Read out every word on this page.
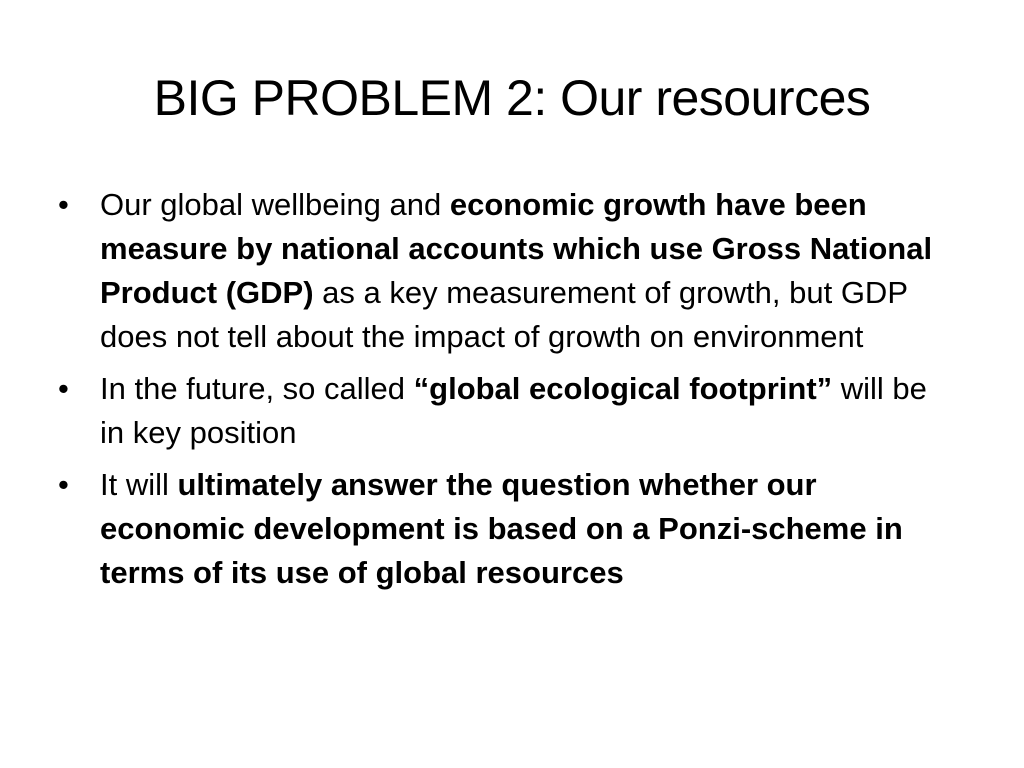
BIG PROBLEM 2: Our resources
•	Our global wellbeing and economic growth have been measure by national accounts which use Gross National Product (GDP) as a key measurement of growth, but GDP does not tell about the impact of growth on environment
•	In the future, so called “global ecological footprint” will be in key position
•	It will ultimately answer the question whether our economic development is based on a Ponzi-scheme in terms of its use of global resources
